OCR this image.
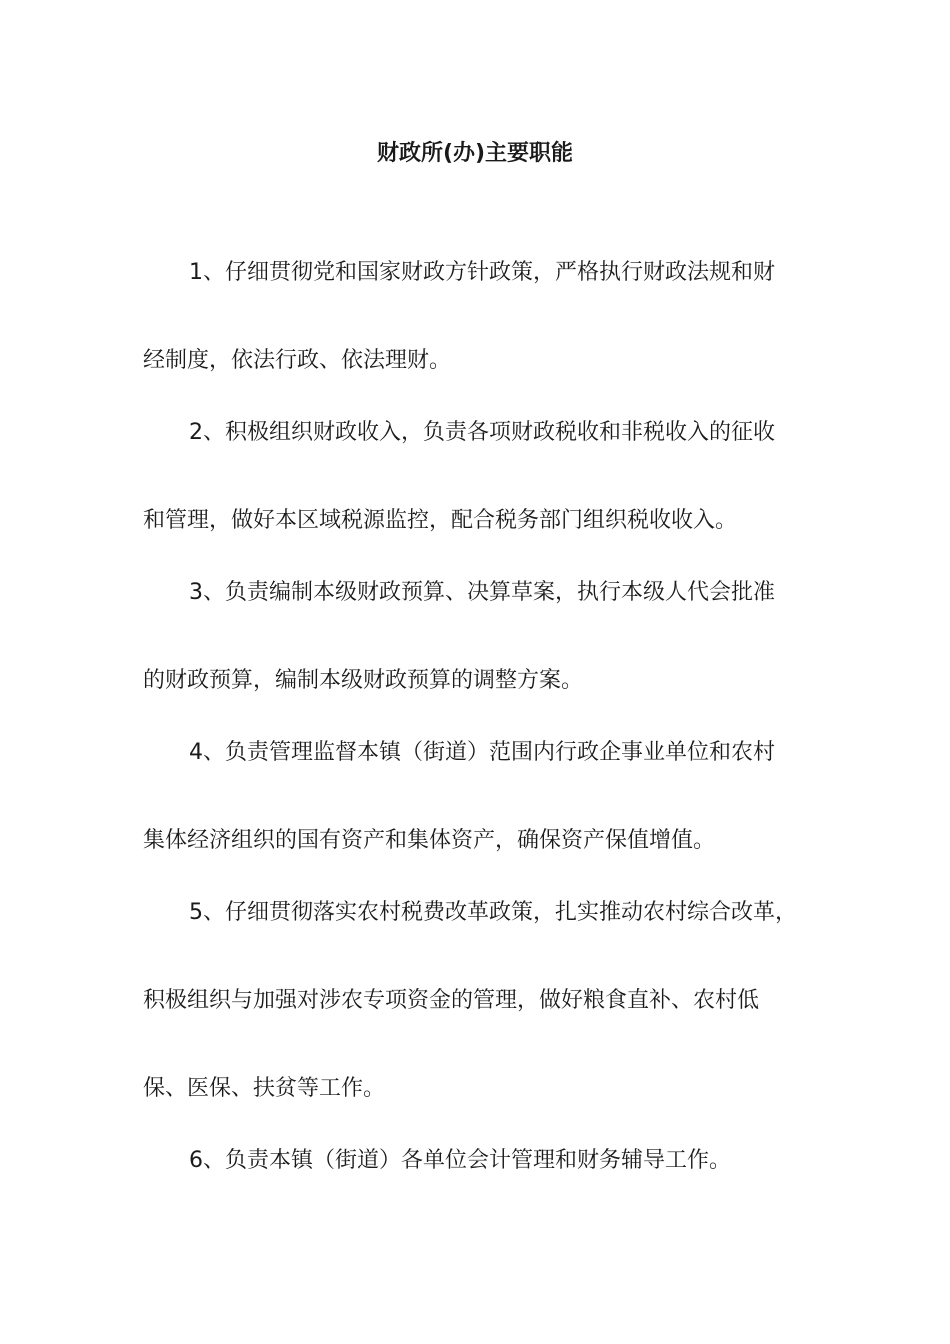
财政所(办)主要职能
1、仔细贯彻党和国家财政方针政策，严格执行财政法规和财
经制度，依法行政、依法理财。
2、积极组织财政收入，负责各项财政税收和非税收入的征收
和管理，做好本区域税源监控，配合税务部门组织税收收入。
3、负责编制本级财政预算、决算草案，执行本级人代会批准
的财政预算，编制本级财政预算的调整方案。
4、负责管理监督本镇（街道）范围内行政企事业单位和农村
集体经济组织的国有资产和集体资产，确保资产保值增值。
5、仔细贯彻落实农村税费改革政策，扎实推动农村综合改革，
积极组织与加强对涉农专项资金的管理，做好粮食直补、农村低
保、医保、扶贫等工作。
6、负责本镇（街道）各单位会计管理和财务辅导工作。
